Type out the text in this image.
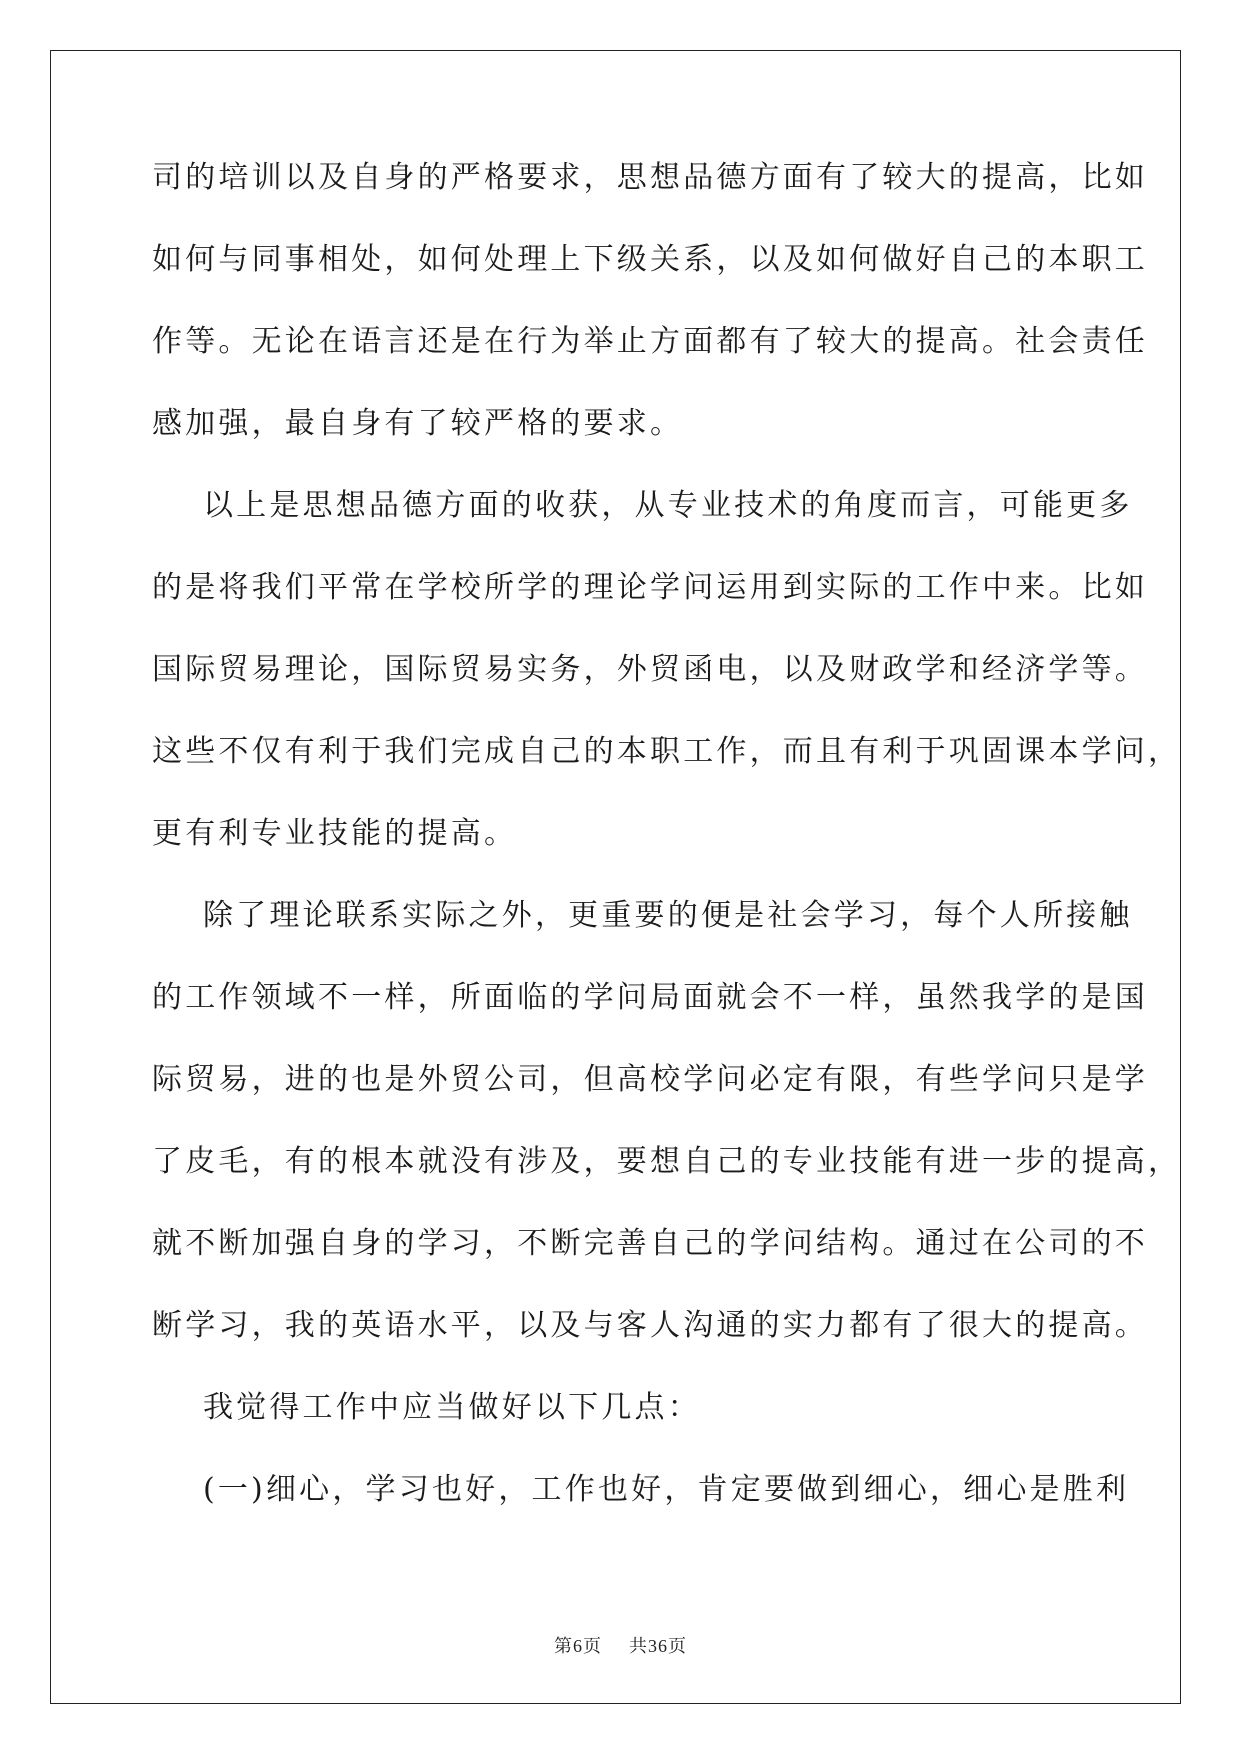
司的培训以及自身的严格要求，思想品德方面有了较大的提高，比如
如何与同事相处，如何处理上下级关系，以及如何做好自己的本职工
作等。无论在语言还是在行为举止方面都有了较大的提高。社会责任
感加强，最自身有了较严格的要求。
以上是思想品德方面的收获，从专业技术的角度而言，可能更多
的是将我们平常在学校所学的理论学问运用到实际的工作中来。比如
国际贸易理论，国际贸易实务，外贸函电，以及财政学和经济学等。
这些不仅有利于我们完成自己的本职工作，而且有利于巩固课本学问，
更有利专业技能的提高。
除了理论联系实际之外，更重要的便是社会学习，每个人所接触
的工作领域不一样，所面临的学问局面就会不一样，虽然我学的是国
际贸易，进的也是外贸公司，但高校学问必定有限，有些学问只是学
了皮毛，有的根本就没有涉及，要想自己的专业技能有进一步的提高，
就不断加强自身的学习，不断完善自己的学问结构。通过在公司的不
断学习，我的英语水平，以及与客人沟通的实力都有了很大的提高。
我觉得工作中应当做好以下几点：
(一)细心，学习也好，工作也好，肯定要做到细心，细心是胜利
第6页 共36页
